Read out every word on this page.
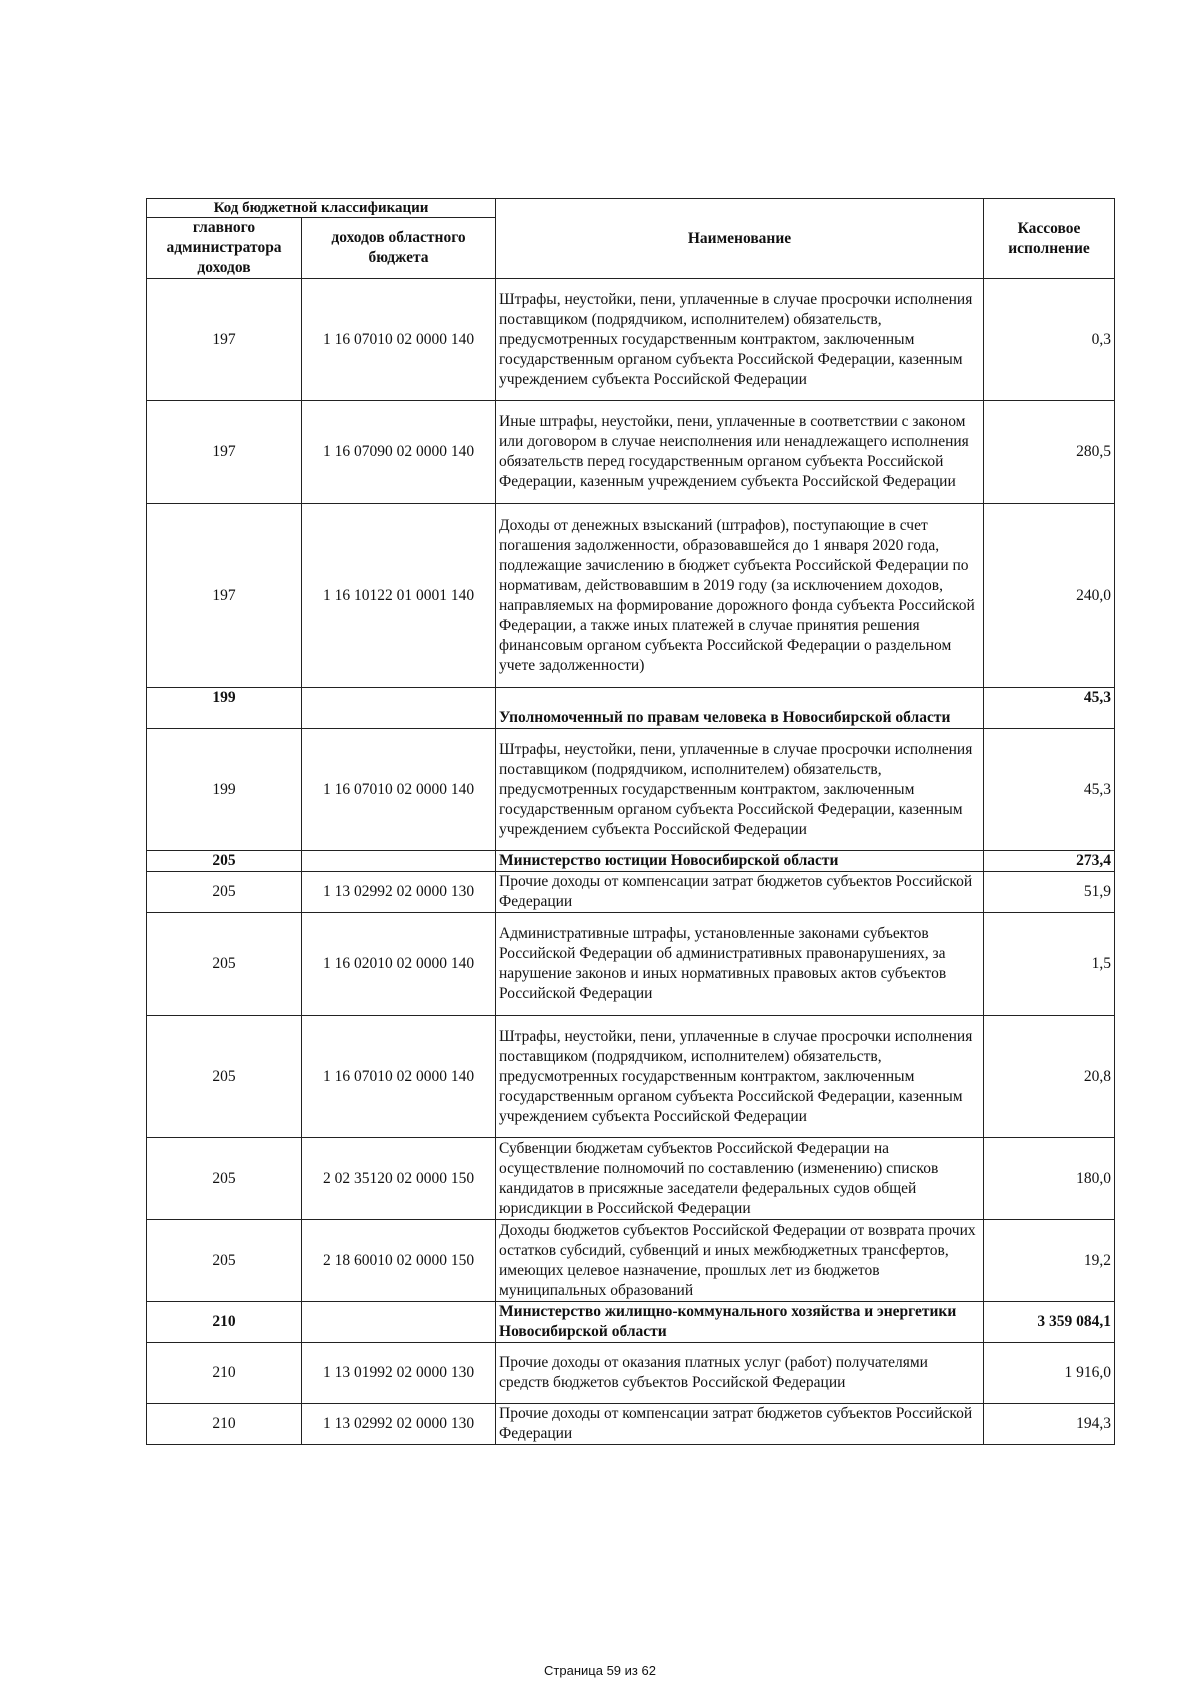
Код бюджетной классификации		Наименование	Кассовое исполнение
главного администратора доходов	доходов областного бюджета		
197	1 16 07010 02 0000 140	Штрафы, неустойки, пени, уплаченные в случае просрочки исполнения поставщиком (подрядчиком, исполнителем) обязательств, предусмотренных государственным контрактом, заключенным государственным органом субъекта Российской Федерации, казенным учреждением субъекта Российской Федерации	0,3
197	1 16 07090 02 0000 140	Иные штрафы, неустойки, пени, уплаченные в соответствии с законом или договором в случае неисполнения или ненадлежащего исполнения обязательств перед государственным органом субъекта Российской Федерации, казенным учреждением субъекта Российской Федерации	280,5
197	1 16 10122 01 0001 140	Доходы от денежных взысканий (штрафов), поступающие в счет погашения задолженности, образовавшейся до 1 января 2020 года, подлежащие зачислению в бюджет субъекта Российской Федерации по нормативам, действовавшим в 2019 году (за исключением доходов, направляемых на формирование дорожного фонда субъекта Российской Федерации, а также иных платежей в случае принятия решения финансовым органом субъекта Российской Федерации о раздельном учете задолженности)	240,0
199		Уполномоченный по правам человека в Новосибирской области	45,3
199	1 16 07010 02 0000 140	Штрафы, неустойки, пени, уплаченные в случае просрочки исполнения поставщиком (подрядчиком, исполнителем) обязательств, предусмотренных государственным контрактом, заключенным государственным органом субъекта Российской Федерации, казенным учреждением субъекта Российской Федерации	45,3
205		Министерство юстиции Новосибирской области	273,4
205	1 13 02992 02 0000 130	Прочие доходы от компенсации затрат бюджетов субъектов Российской Федерации	51,9
205	1 16 02010 02 0000 140	Административные штрафы, установленные законами субъектов Российской Федерации об административных правонарушениях, за нарушение законов и иных нормативных правовых актов субъектов Российской Федерации	1,5
205	1 16 07010 02 0000 140	Штрафы, неустойки, пени, уплаченные в случае просрочки исполнения поставщиком (подрядчиком, исполнителем) обязательств, предусмотренных государственным контрактом, заключенным государственным органом субъекта Российской Федерации, казенным учреждением субъекта Российской Федерации	20,8
205	2 02 35120 02 0000 150	Субвенции бюджетам субъектов Российской Федерации на осуществление полномочий по составлению (изменению) списков кандидатов в присяжные заседатели федеральных судов общей юрисдикции в Российской Федерации	180,0
205	2 18 60010 02 0000 150	Доходы бюджетов субъектов Российской Федерации от возврата прочих остатков субсидий, субвенций и иных межбюджетных трансфертов, имеющих целевое назначение, прошлых лет из бюджетов муниципальных образований	19,2
210		Министерство жилищно-коммунального хозяйства и энергетики Новосибирской области	3 359 084,1
210	1 13 01992 02 0000 130	Прочие доходы от оказания платных услуг (работ) получателями средств бюджетов субъектов Российской Федерации	1 916,0
210	1 13 02992 02 0000 130	Прочие доходы от компенсации затрат бюджетов субъектов Российской Федерации	194,3
Страница 59 из 62
